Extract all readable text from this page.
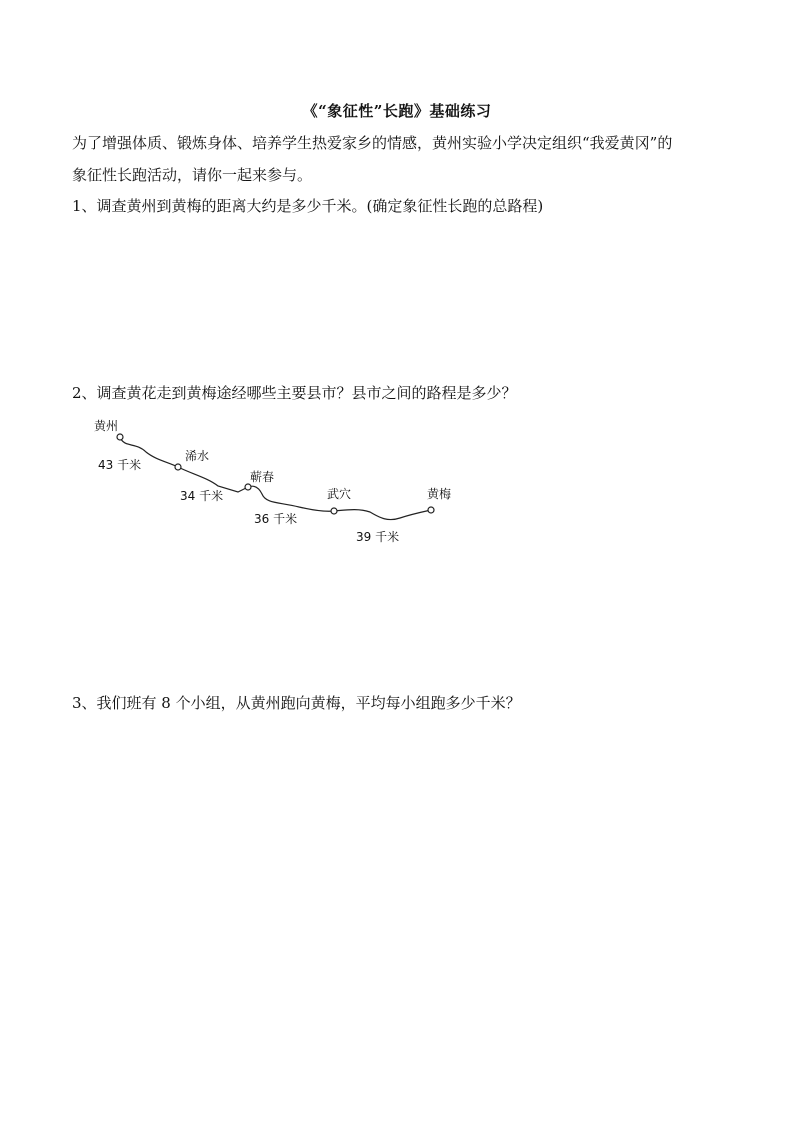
《“象征性”长跑》基础练习
为了增强体质、锻炼身体、培养学生热爱家乡的情感，黄州实验小学决定组织“我爱黄冈”的
象征性长跑活动，请你一起来参与。
1、调查黄州到黄梅的距离大约是多少千米。(确定象征性长跑的总路程)
2、调查黄花走到黄梅途经哪些主要县市？县市之间的路程是多少？
黄州
浠水
蕲春
武穴	黄梅
43 千米
34 千米
36 千米
39 千米
3、我们班有 8 个小组，从黄州跑向黄梅，平均每小组跑多少千米？
